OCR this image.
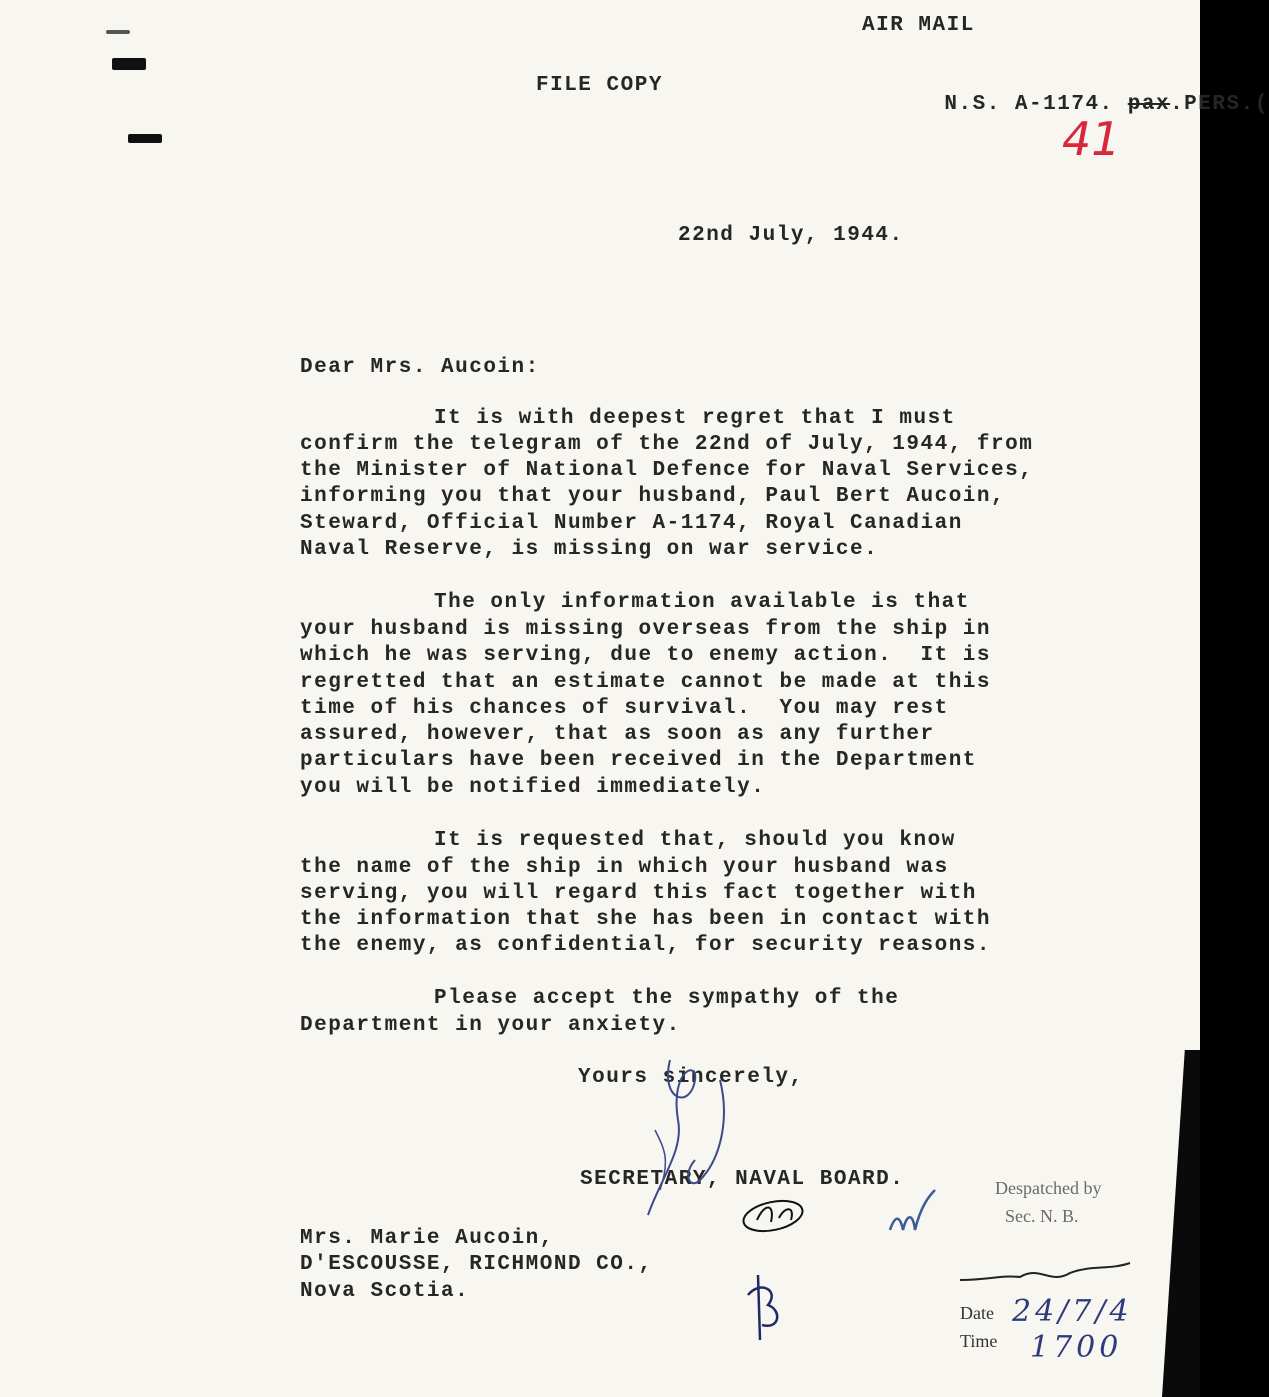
AIR MAIL
FILE COPY

N.S. A-1174. pax.PERS.(

41
22nd July, 1944.
Dear Mrs. Aucoin:
It is with deepest regret that I must
confirm the telegram of the 22nd of July, 1944, from
the Minister of National Defence for Naval Services,
informing you that your husband, Paul Bert Aucoin,
Steward, Official Number A-1174, Royal Canadian
Naval Reserve, is missing on war service.
The only information available is that
your husband is missing overseas from the ship in
which he was serving, due to enemy action.  It is
regretted that an estimate cannot be made at this
time of his chances of survival.  You may rest
assured, however, that as soon as any further
particulars have been received in the Department
you will be notified immediately.
It is requested that, should you know
the name of the ship in which your husband was
serving, you will regard this fact together with
the information that she has been in contact with
the enemy, as confidential, for security reasons.
Please accept the sympathy of the
Department in your anxiety.
Yours sincerely,
SECRETARY, NAVAL BOARD.
Mrs. Marie Aucoin,
D'ESCOUSSE, RICHMOND CO.,
Nova Scotia.
Despatched by
Sec. N. B.
Date 24/7/4
Time 1700
